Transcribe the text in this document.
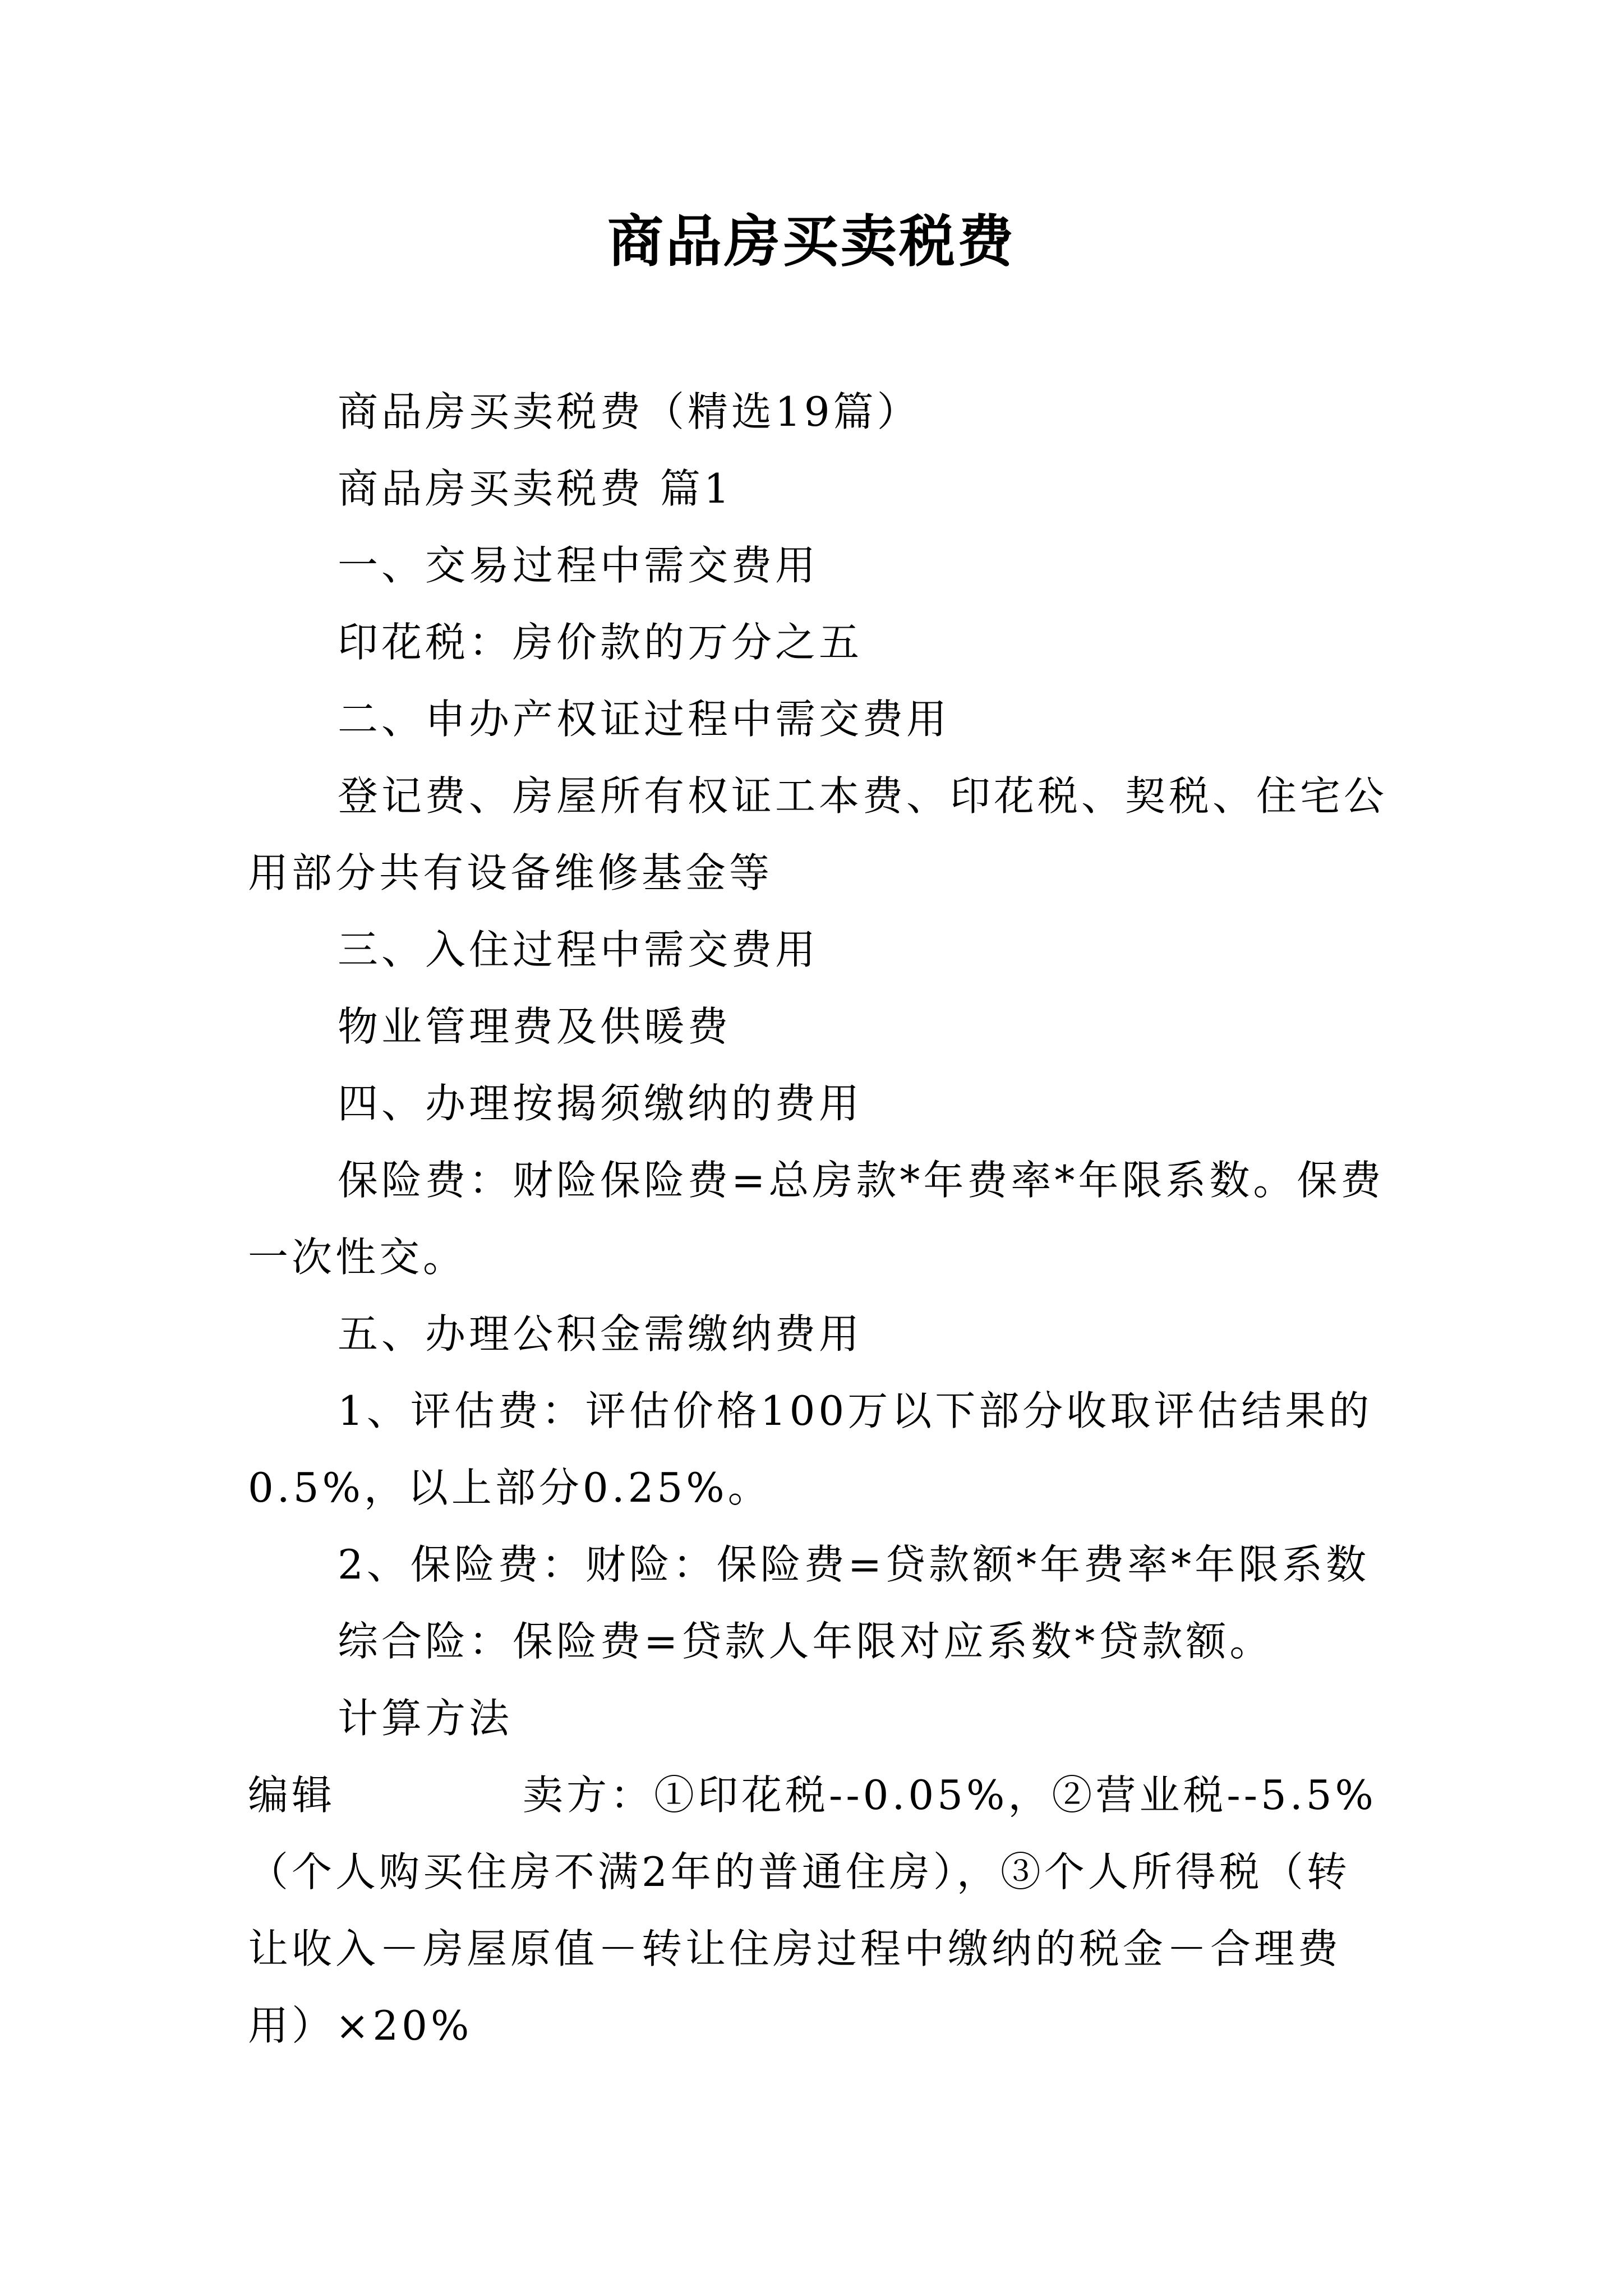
商品房买卖税费

商品房买卖税费（精选19篇）

商品房买卖税费 篇1

一、交易过程中需交费用

印花税：房价款的万分之五

二、申办产权证过程中需交费用

登记费、房屋所有权证工本费、印花税、契税、住宅公用部分共有设备维修基金等

三、入住过程中需交费用

物业管理费及供暖费

四、办理按揭须缴纳的费用

保险费：财险保险费=总房款*年费率*年限系数。保费一次性交。

五、办理公积金需缴纳费用

1、评估费：评估价格100万以下部分收取评估结果的0.5%，以上部分0.25%。

2、保险费：财险：保险费=贷款额*年费率*年限系数

综合险：保险费=贷款人年限对应系数*贷款额。

计算方法

编辑	卖方：①印花税--0.05%，②营业税--5.5%（个人购买住房不满2年的普通住房），③个人所得税（转让收入－房屋原值－转让住房过程中缴纳的税金－合理费用）×20%
